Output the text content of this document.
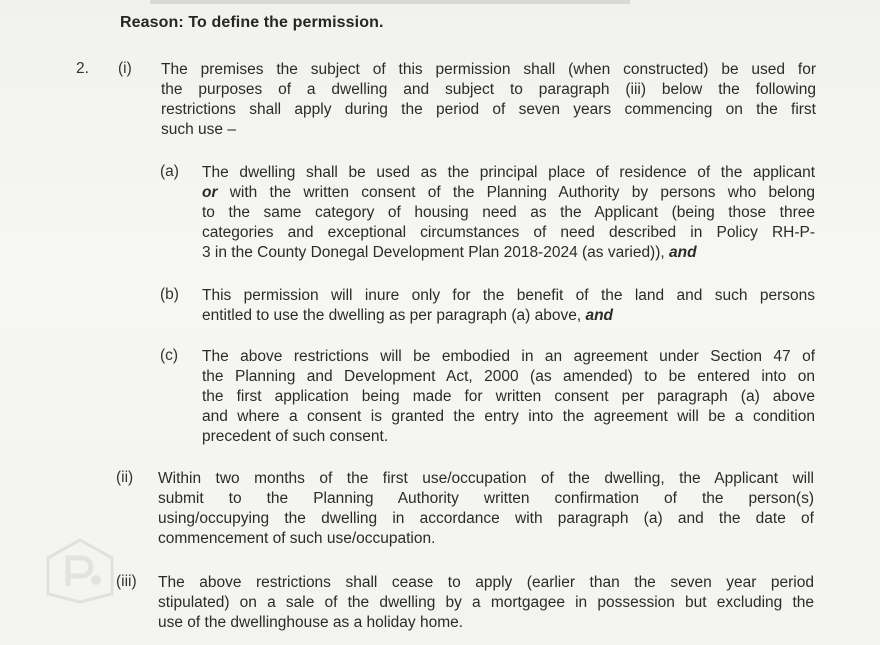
Reason: To define the permission.
2. (i) The premises the subject of this permission shall (when constructed) be used for
the purposes of a dwelling and subject to paragraph (iii) below the following
restrictions shall apply during the period of seven years commencing on the first
such use –
(a) The dwelling shall be used as the principal place of residence of the applicant
or with the written consent of the Planning Authority by persons who belong
to the same category of housing need as the Applicant (being those three
categories and exceptional circumstances of need described in Policy RH-P-
3 in the County Donegal Development Plan 2018-2024 (as varied)), and
(b) This permission will inure only for the benefit of the land and such persons
entitled to use the dwelling as per paragraph (a) above, and
(c) The above restrictions will be embodied in an agreement under Section 47 of
the Planning and Development Act, 2000 (as amended) to be entered into on
the first application being made for written consent per paragraph (a) above
and where a consent is granted the entry into the agreement will be a condition
precedent of such consent.
(ii) Within two months of the first use/occupation of the dwelling, the Applicant will
submit to the Planning Authority written confirmation of the person(s)
using/occupying the dwelling in accordance with paragraph (a) and the date of
commencement of such use/occupation.
(iii) The above restrictions shall cease to apply (earlier than the seven year period
stipulated) on a sale of the dwelling by a mortgagee in possession but excluding the
use of the dwellinghouse as a holiday home.
